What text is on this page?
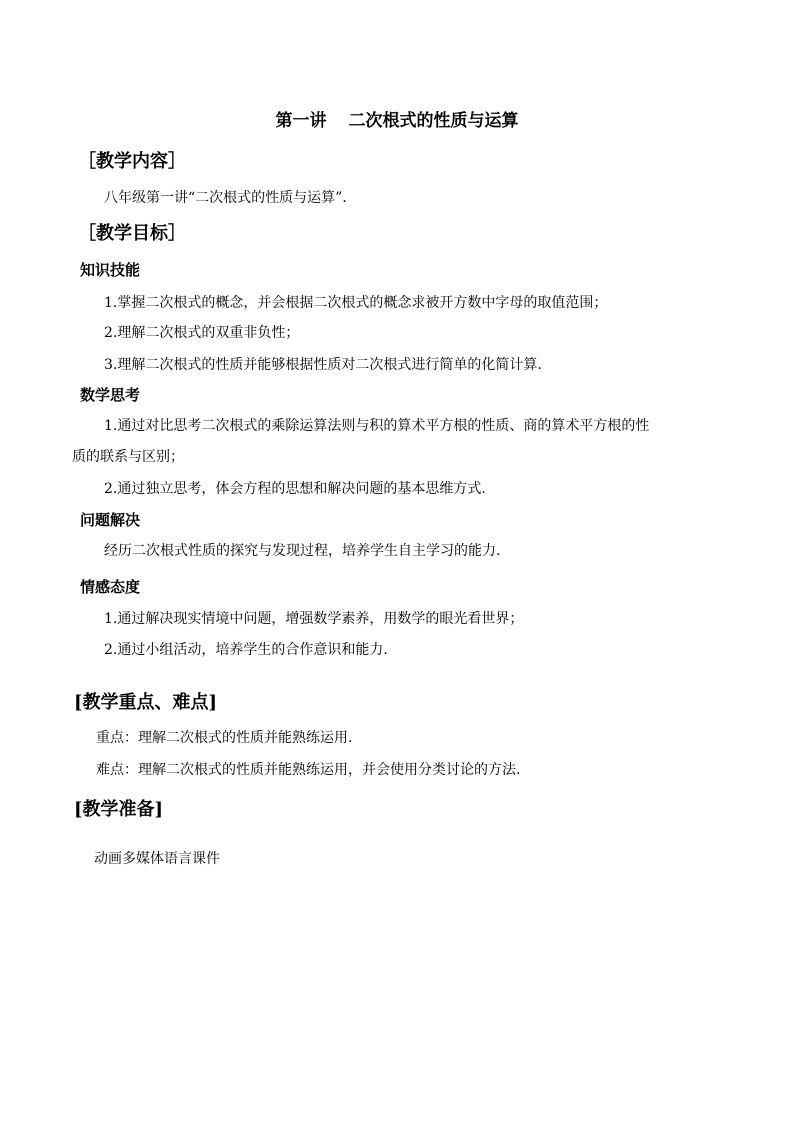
第一讲 二次根式的性质与运算
［教学内容］
八年级第一讲“二次根式的性质与运算”．
［教学目标］
知识技能
1.掌握二次根式的概念，并会根据二次根式的概念求被开方数中字母的取值范围；
2.理解二次根式的双重非负性；
3.理解二次根式的性质并能够根据性质对二次根式进行简单的化简计算.
数学思考
1.通过对比思考二次根式的乘除运算法则与积的算术平方根的性质、商的算术平方根的性
质的联系与区别；
2.通过独立思考，体会方程的思想和解决问题的基本思维方式.
问题解决
经历二次根式性质的探究与发现过程，培养学生自主学习的能力.
情感态度
1.通过解决现实情境中问题，增强数学素养，用数学的眼光看世界；
2.通过小组活动，培养学生的合作意识和能力.
[教学重点、难点]
重点：理解二次根式的性质并能熟练运用.
难点：理解二次根式的性质并能熟练运用，并会使用分类讨论的方法.
[教学准备]
动画多媒体语言课件
